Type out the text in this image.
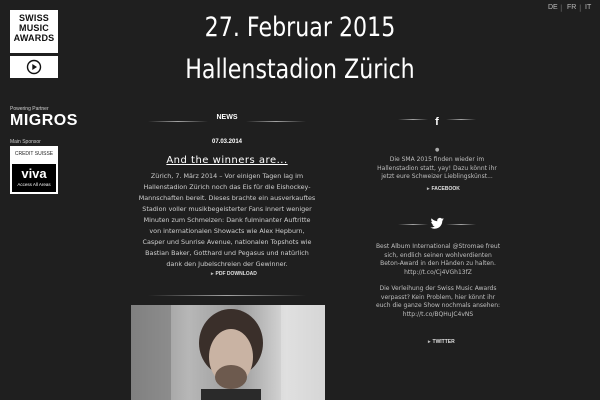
SWISS
MUSIC
AWARDS
Powering Partner
MIGROS
Main Sponsor
CREDIT SUISSE
viva
Access All Areas
27. Februar 2015
Hallenstadion Zürich
DE | FR | IT
NEWS
07.03.2014
And the winners are...
Zürich, 7. März 2014 – Vor einigen Tagen lag im Hallenstadion Zürich noch das Eis für die Eishockey-Mannschaften bereit. Dieses brachte ein ausverkauftes Stadion voller musikbegeisterter Fans innert weniger Minuten zum Schmelzen: Dank fulminanter Auftritte von internationalen Showacts wie Alex Hepburn, Casper und Sunrise Avenue, nationalen Topshots wie Bastian Baker, Gotthard und Pegasus und natürlich dank den Jubelschreien der Gewinner.
▸ PDF DOWNLOAD
f
●
Die SMA 2015 finden wieder im Hallenstadion statt, yay! Dazu könnt ihr jetzt eure Schweizer Lieblingskünst...
▸ FACEBOOK
Best Album International @Stromae freut sich, endlich seinen wohlverdienten Beton-Award in den Händen zu halten. http://t.co/Cj4VGh13fZ
Die Verleihung der Swiss Music Awards verpasst? Kein Problem, hier könnt ihr euch die ganze Show nochmals ansehen: http://t.co/BQHuJC4vNS
▸ TWITTER
